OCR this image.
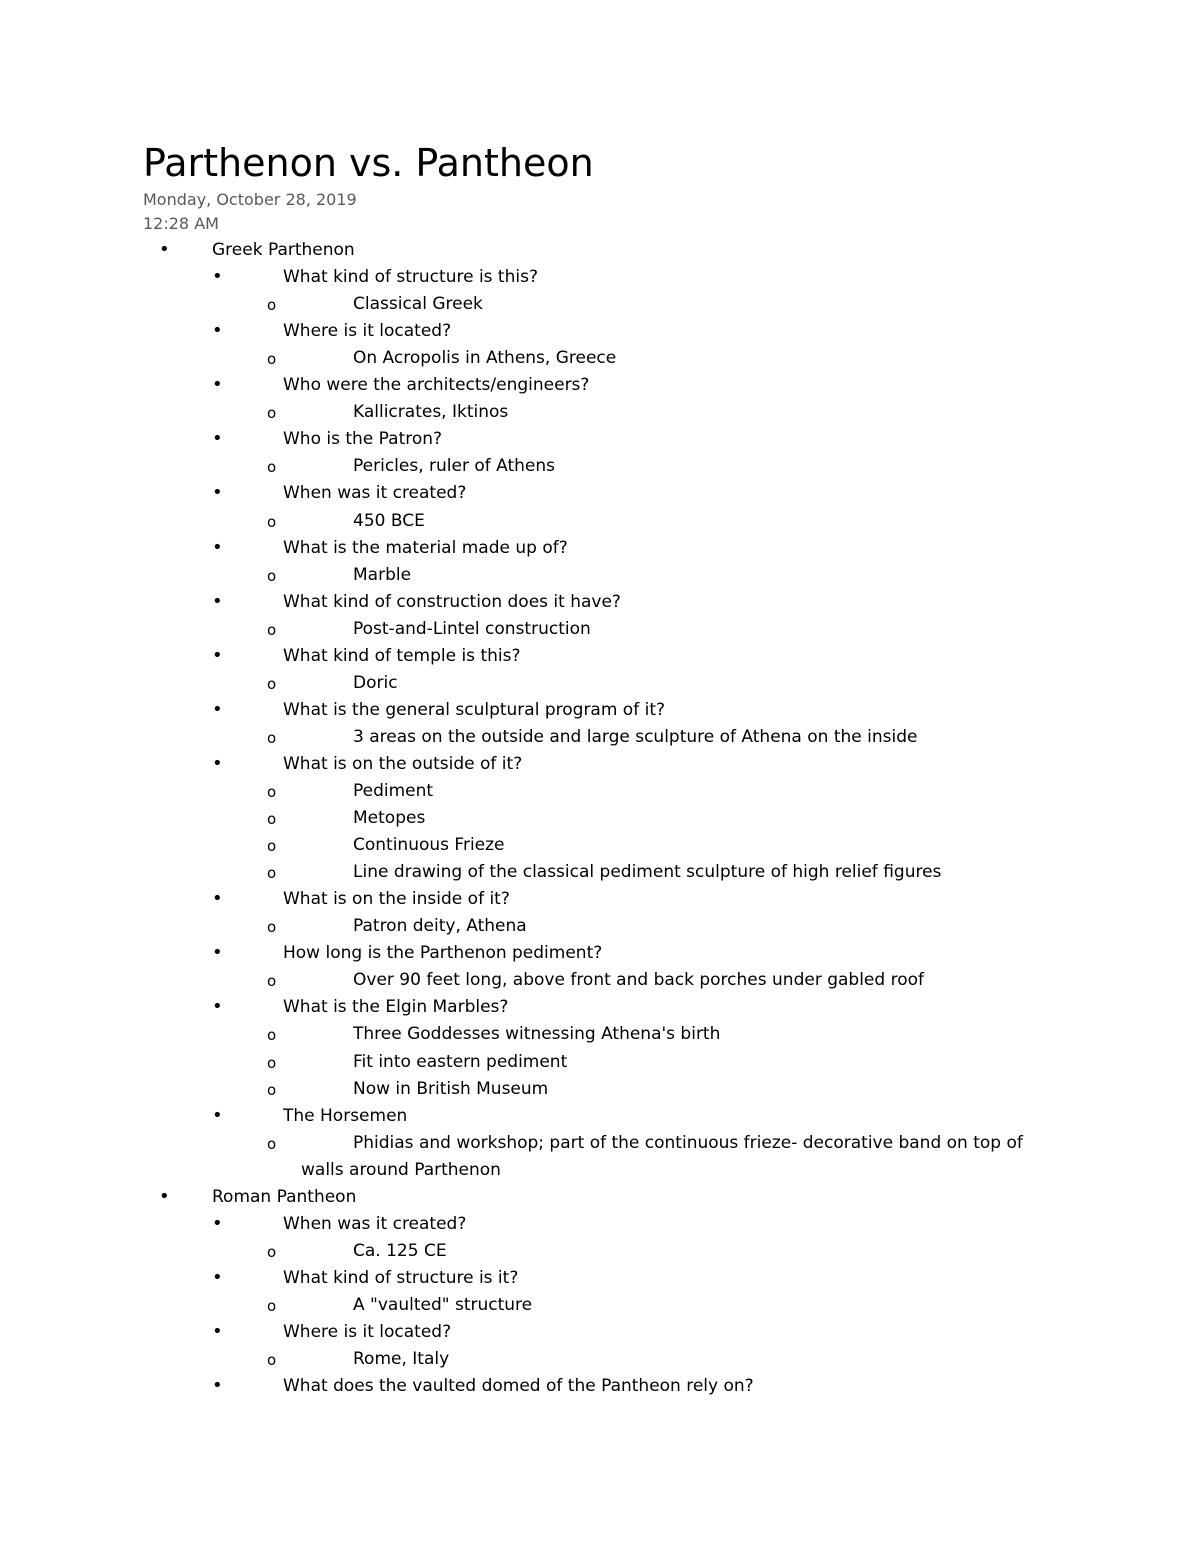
Parthenon vs. Pantheon
Monday, October 28, 2019
12:28 AM
• Greek Parthenon
•	What kind of structure is this?
o	Classical Greek
•	Where is it located?
o	On Acropolis in Athens, Greece
•	Who were the architects/engineers?
o	Kallicrates, Iktinos
•	Who is the Patron?
o	Pericles, ruler of Athens
•	When was it created?
o	450 BCE
•	What is the material made up of?
o	Marble
•	What kind of construction does it have?
o	Post-and-Lintel construction
•	What kind of temple is this?
o	Doric
•	What is the general sculptural program of it?
o	3 areas on the outside and large sculpture of Athena on the inside
•	What is on the outside of it?
o	Pediment
o	Metopes
o	Continuous Frieze
o	Line drawing of the classical pediment sculpture of high relief figures
•	What is on the inside of it?
o	Patron deity, Athena
•	How long is the Parthenon pediment?
o	Over 90 feet long, above front and back porches under gabled roof
•	What is the Elgin Marbles?
o	Three Goddesses witnessing Athena's birth
o	Fit into eastern pediment
o	Now in British Museum
•	The Horsemen
o	Phidias and workshop; part of the continuous frieze- decorative band on top of
walls around Parthenon
• Roman Pantheon
•	When was it created?
o	Ca. 125 CE
•	What kind of structure is it?
o	A "vaulted" structure
•	Where is it located?
o	Rome, Italy
•	What does the vaulted domed of the Pantheon rely on?
